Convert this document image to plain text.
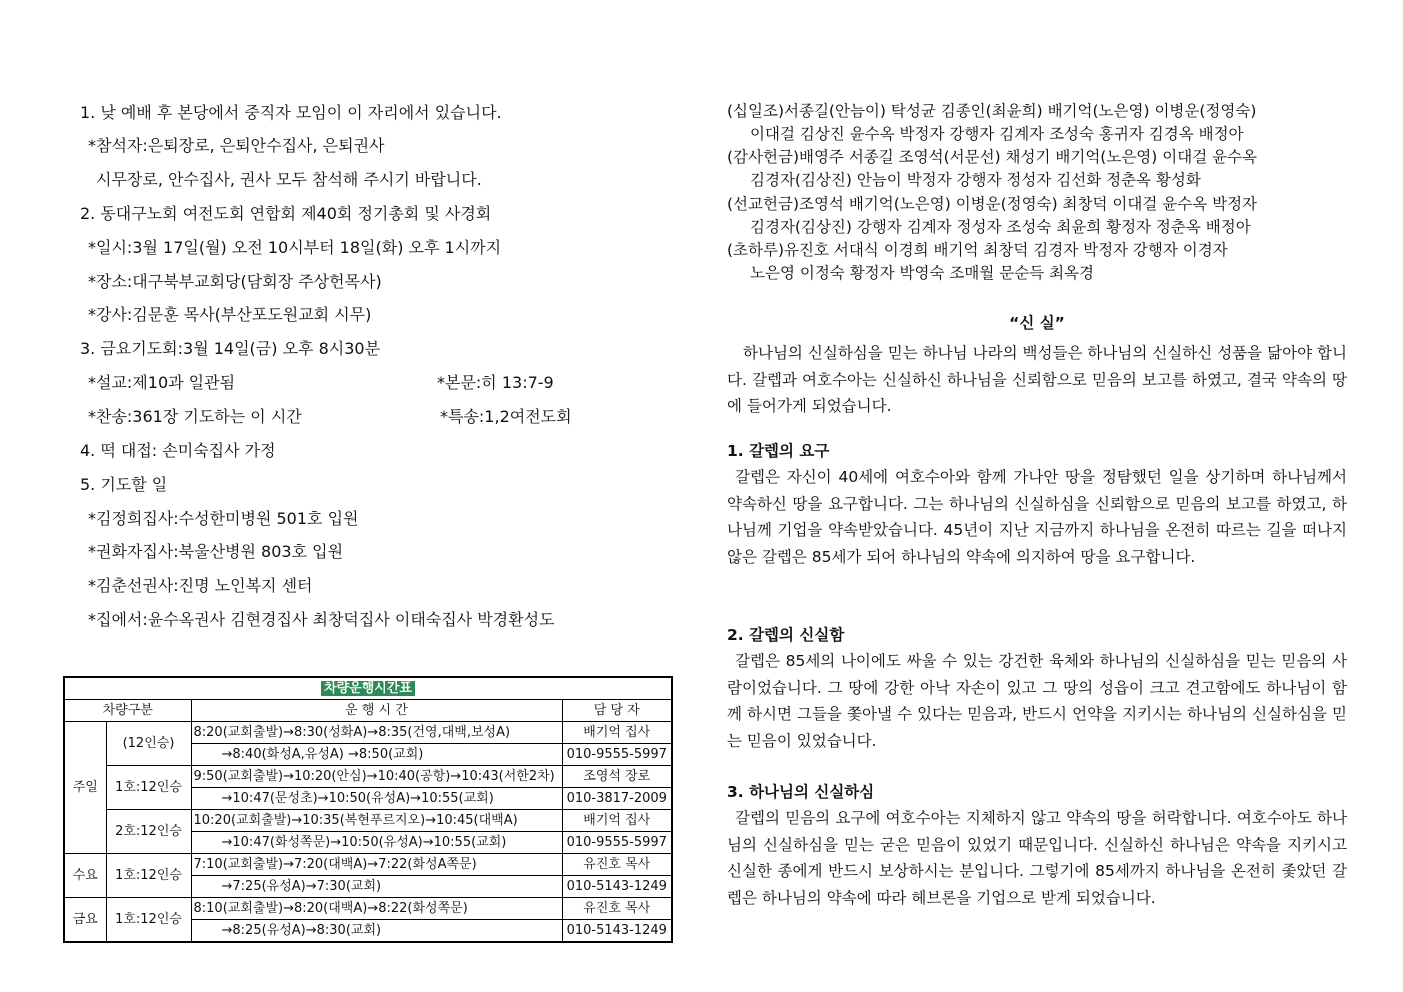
1. 낮 예배 후 본당에서 중직자 모임이 이 자리에서 있습니다.
*참석자:은퇴장로, 은퇴안수집사, 은퇴권사
시무장로, 안수집사, 권사 모두 참석해 주시기 바랍니다.
2. 동대구노회 여전도회 연합회 제40회 정기총회 및 사경회
*일시:3월 17일(월) 오전 10시부터 18일(화) 오후 1시까지
*장소:대구북부교회당(담회장 주상헌목사)
*강사:김문훈 목사(부산포도원교회 시무)
3. 금요기도회:3월 14일(금) 오후 8시30분
*설교:제10과 일관됨	*본문:히 13:7-9
*찬송:361장 기도하는 이 시간	*특송:1,2여전도회
4. 떡 대접: 손미숙집사 가정
5. 기도할 일
*김정희집사:수성한미병원 501호 입원
*권화자집사:북울산병원 803호 입원
*김춘선권사:진명 노인복지 센터
*집에서:윤수옥권사 김현경집사 최창덕집사 이태숙집사 박경환성도
차량운행시간표			
차량구분		운 행 시 간	담 당 자
주일	(12인승)	8:20(교회출발)→8:30(성화A)→8:35(건영,대백,보성A)	배기억 집사
		→8:40(화성A,유성A) →8:50(교회)	010-9555-5997
	1호:12인승	9:50(교회출발)→10:20(안심)→10:40(공항)→10:43(서한2차)	조영석 장로
		→10:47(문성초)→10:50(유성A)→10:55(교회)	010-3817-2009
	2호:12인승	10:20(교회출발)→10:35(복현푸르지오)→10:45(대백A)	배기억 집사
		→10:47(화성쪽문)→10:50(유성A)→10:55(교회)	010-9555-5997
수요	1호:12인승	7:10(교회출발)→7:20(대백A)→7:22(화성A쪽문)	유진호 목사
		→7:25(유성A)→7:30(교회)	010-5143-1249
금요	1호:12인승	8:10(교회출발)→8:20(대백A)→8:22(화성쪽문)	유진호 목사
		→8:25(유성A)→8:30(교회)	010-5143-1249
(십일조)서종길(안늠이) 탁성균 김종인(최윤희) 배기억(노은영) 이병운(정영숙)
이대걸 김상진 윤수옥 박정자 강행자 김계자 조성숙 홍귀자 김경옥 배정아
(감사헌금)배영주 서종길 조영석(서문선) 채성기 배기억(노은영) 이대걸 윤수옥
김경자(김상진) 안늠이 박정자 강행자 정성자 김선화 정춘옥 황성화
(선교헌금)조영석 배기억(노은영) 이병운(정영숙) 최창덕 이대걸 윤수옥 박정자
김경자(김상진) 강행자 김계자 정성자 조성숙 최윤희 황정자 정춘옥 배정아
(초하루)유진호 서대식 이경희 배기억 최창덕 김경자 박정자 강행자 이경자
노은영 이정숙 황정자 박영숙 조매월 문순득 최옥경
“신 실”
하나님의 신실하심을 믿는 하나님 나라의 백성들은 하나님의 신실하신 성품을 닮아야 합니다. 갈렙과 여호수아는 신실하신 하나님을 신뢰함으로 믿음의 보고를 하였고, 결국 약속의 땅에 들어가게 되었습니다.
1. 갈렙의 요구
갈렙은 자신이 40세에 여호수아와 함께 가나안 땅을 정탐했던 일을 상기하며 하나님께서 약속하신 땅을 요구합니다. 그는 하나님의 신실하심을 신뢰함으로 믿음의 보고를 하였고, 하나님께 기업을 약속받았습니다. 45년이 지난 지금까지 하나님을 온전히 따르는 길을 떠나지 않은 갈렙은 85세가 되어 하나님의 약속에 의지하여 땅을 요구합니다.
2. 갈렙의 신실함
갈렙은 85세의 나이에도 싸울 수 있는 강건한 육체와 하나님의 신실하심을 믿는 믿음의 사람이었습니다. 그 땅에 강한 아낙 자손이 있고 그 땅의 성읍이 크고 견고함에도 하나님이 함께 하시면 그들을 쫓아낼 수 있다는 믿음과, 반드시 언약을 지키시는 하나님의 신실하심을 믿는 믿음이 있었습니다.
3. 하나님의 신실하심
갈렙의 믿음의 요구에 여호수아는 지체하지 않고 약속의 땅을 허락합니다. 여호수아도 하나님의 신실하심을 믿는 굳은 믿음이 있었기 때문입니다. 신실하신 하나님은 약속을 지키시고 신실한 종에게 반드시 보상하시는 분입니다. 그렇기에 85세까지 하나님을 온전히 좇았던 갈렙은 하나님의 약속에 따라 헤브론을 기업으로 받게 되었습니다.
